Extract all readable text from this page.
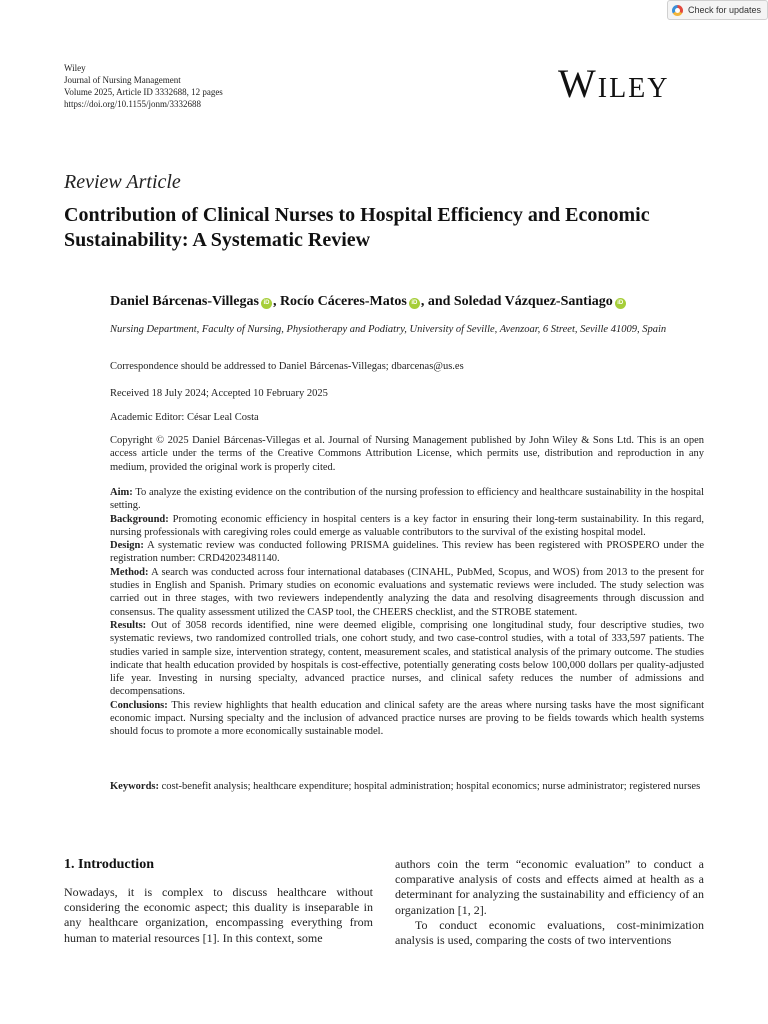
Check for updates
Wiley
Journal of Nursing Management
Volume 2025, Article ID 3332688, 12 pages
https://doi.org/10.1155/jonm/3332688	Wiley
Review Article
Contribution of Clinical Nurses to Hospital Efficiency and Economic Sustainability: A Systematic Review
Daniel Bárcenas-Villegas iD , Rocío Cáceres-Matos iD , and Soledad Vázquez-Santiago iD
Nursing Department, Faculty of Nursing, Physiotherapy and Podiatry, University of Seville, Avenzoar, 6 Street, Seville 41009, Spain
Correspondence should be addressed to Daniel Bárcenas-Villegas; dbarcenas@us.es
Received 18 July 2024; Accepted 10 February 2025
Academic Editor: César Leal Costa
Copyright © 2025 Daniel Bárcenas-Villegas et al. Journal of Nursing Management published by John Wiley & Sons Ltd. This is an open access article under the terms of the Creative Commons Attribution License, which permits use, distribution and reproduction in any medium, provided the original work is properly cited.

Aim: To analyze the existing evidence on the contribution of the nursing profession to efficiency and healthcare sustainability in the hospital setting.

Background: Promoting economic efficiency in hospital centers is a key factor in ensuring their long-term sustainability. In this regard, nursing professionals with caregiving roles could emerge as valuable contributors to the survival of the existing hospital model.

Design: A systematic review was conducted following PRISMA guidelines. This review has been registered with PROSPERO under the registration number: CRD42023481140.

Method: A search was conducted across four international databases (CINAHL, PubMed, Scopus, and WOS) from 2013 to the present for studies in English and Spanish. Primary studies on economic evaluations and systematic reviews were included. The study selection was carried out in three stages, with two reviewers independently analyzing the data and resolving disagreements through discussion and consensus. The quality assessment utilized the CASP tool, the CHEERS checklist, and the STROBE statement.

Results: Out of 3058 records identified, nine were deemed eligible, comprising one longitudinal study, four descriptive studies, two systematic reviews, two randomized controlled trials, one cohort study, and two case-control studies, with a total of 333,597 patients. The studies varied in sample size, intervention strategy, content, measurement scales, and statistical analysis of the primary outcome. The studies indicate that health education provided by hospitals is cost-effective, potentially generating costs below 100,000 dollars per quality-adjusted life year. Investing in nursing specialty, advanced practice nurses, and clinical safety reduces the number of admissions and decompensations.

Conclusions: This review highlights that health education and clinical safety are the areas where nursing tasks have the most significant economic impact. Nursing specialty and the inclusion of advanced practice nurses are proving to be fields towards which health systems should focus to promote a more economically sustainable model.

Keywords: cost-benefit analysis; healthcare expenditure; hospital administration; hospital economics; nurse administrator; registered nurses
1. Introduction

Nowadays, it is complex to discuss healthcare without considering the economic aspect; this duality is inseparable in any healthcare organization, encompassing everything from human to material resources [1]. In this context, some

authors coin the term “economic evaluation” to conduct a comparative analysis of costs and effects aimed at health as a determinant for analyzing the sustainability and efficiency of an organization [1, 2].

To conduct economic evaluations, cost-minimization analysis is used, comparing the costs of two interventions
